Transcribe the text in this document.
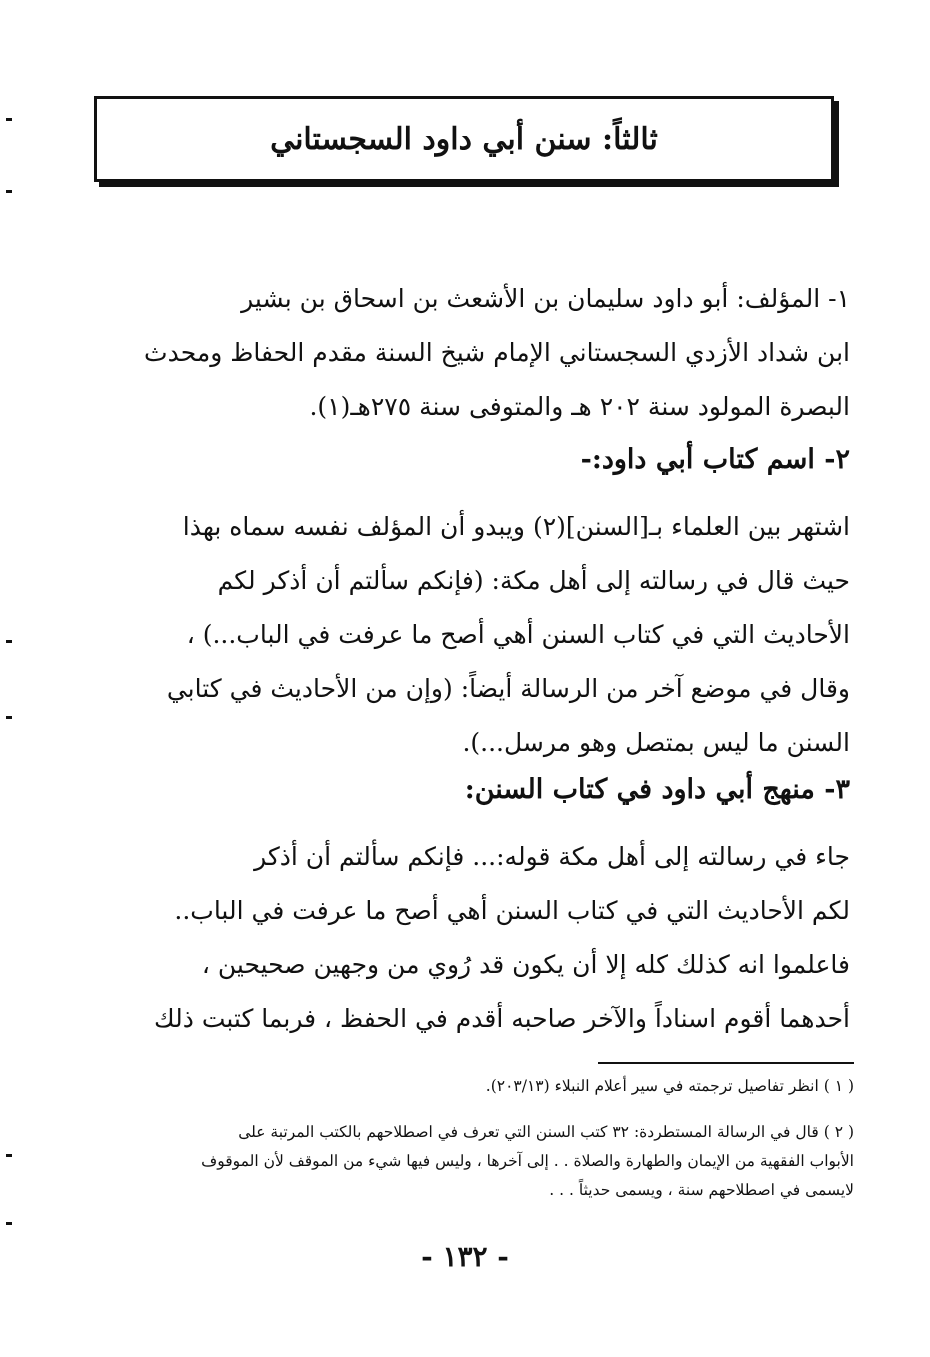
ثالثاً: سنن أبي داود السجستاني
١- المؤلف: أبو داود سليمان بن الأشعث بن اسحاق بن بشير
ابن شداد الأزدي السجستاني الإمام شيخ السنة مقدم الحفاظ ومحدث
البصرة المولود سنة ٢٠٢ هـ والمتوفى سنة ٢٧٥هـ(١).
٢- اسم كتاب أبي داود:-
اشتهر بين العلماء بـ[السنن](٢) ويبدو أن المؤلف نفسه سماه بهذا
حيث قال في رسالته إلى أهل مكة: (فإنكم سألتم أن أذكر لكم
الأحاديث التي في كتاب السنن أهي أصح ما عرفت في الباب...) ،
وقال في موضع آخر من الرسالة أيضاً: (وإن من الأحاديث في كتابي
السنن ما ليس بمتصل وهو مرسل...).
٣- منهج أبي داود في كتاب السنن:
جاء في رسالته إلى أهل مكة قوله:... فإنكم سألتم أن أذكر
لكم الأحاديث التي في كتاب السنن أهي أصح ما عرفت في الباب..
فاعلموا انه كذلك كله إلا أن يكون قد رُوي من وجهين صحيحين ،
أحدهما أقوم اسناداً والآخر صاحبه أقدم في الحفظ ، فربما كتبت ذلك
( ١ ) انظر تفاصيل ترجمته في سير أعلام النبلاء (٢٠٣/١٣).
( ٢ ) قال في الرسالة المستطردة: ٣٢ كتب السنن التي تعرف في اصطلاحهم بالكتب المرتبة على
الأبواب الفقهية من الإيمان والطهارة والصلاة . . إلى آخرها ، وليس فيها شيء من الموقف لأن الموقوف
لايسمى في اصطلاحهم سنة ، ويسمى حديثاً . . .
- ١٣٢ -
